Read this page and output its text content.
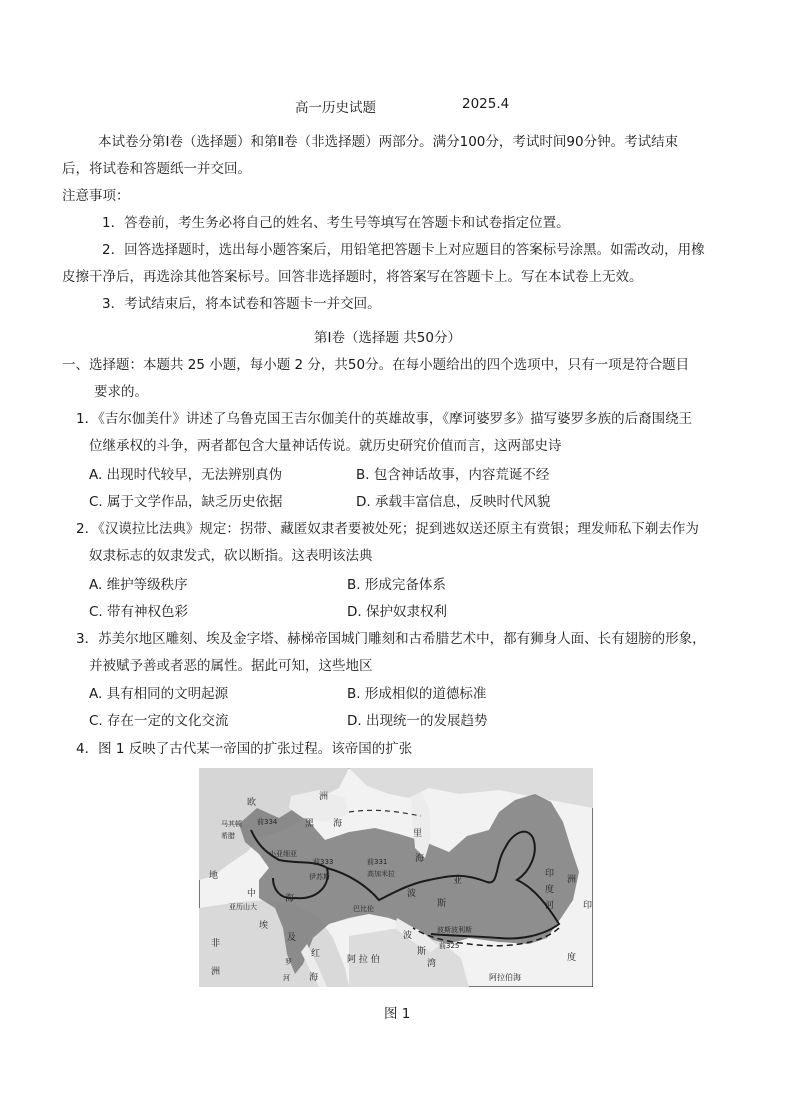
高一历史试题	2025.4
本试卷分第Ⅰ卷（选择题）和第Ⅱ卷（非选择题）两部分。满分100分，考试时间90分钟。考试结束
后，将试卷和答题纸一并交回。
注意事项：
1．答卷前，考生务必将自己的姓名、考生号等填写在答题卡和试卷指定位置。
2．回答选择题时，选出每小题答案后，用铅笔把答题卡上对应题目的答案标号涂黑。如需改动，用橡
皮擦干净后，再选涂其他答案标号。回答非选择题时，将答案写在答题卡上。写在本试卷上无效。
3．考试结束后，将本试卷和答题卡一并交回。
第Ⅰ卷（选择题 共50分）
一、选择题：本题共 25 小题，每小题 2 分，共50分。在每小题给出的四个选项中，只有一项是符合题目
要求的。
1．《吉尔伽美什》讲述了乌鲁克国王吉尔伽美什的英雄故事，《摩诃婆罗多》描写婆罗多族的后裔围绕王
位继承权的斗争，两者都包含大量神话传说。就历史研究价值而言，这两部史诗
A. 出现时代较早，无法辨别真伪	B. 包含神话故事，内容荒诞不经
C. 属于文学作品，缺乏历史依据	D. 承载丰富信息，反映时代风貌
2．《汉谟拉比法典》规定：拐带、藏匿奴隶者要被处死；捉到逃奴送还原主有赏银；理发师私下剃去作为
奴隶标志的奴隶发式，砍以断指。这表明该法典
A. 维护等级秩序	B. 形成完备体系
C. 带有神权色彩	D. 保护奴隶权利
3．苏美尔地区雕刻、埃及金字塔、赫梯帝国城门雕刻和古希腊艺术中，都有狮身人面、长有翅膀的形象，
并被赋予善或者恶的属性。据此可知，这些地区
A. 具有相同的文明起源	B. 形成相似的道德标准
C. 存在一定的文化交流	D. 出现统一的发展趋势
4．图 1 反映了古代某一帝国的扩张过程。该帝国的扩张
欧
洲
黑 海
里
海
马其顿
希腊
前334
小亚细亚
前333
伊苏斯
前331
高加米拉
地
中	海
亚历山大
亚
斯
波
巴比伦
波斯波利斯
前325
埃
及
非
洲
红
海
阿 拉 伯
波
斯
湾
印
度
河
洲
印
度
阿拉伯海
罗
河
图 1
